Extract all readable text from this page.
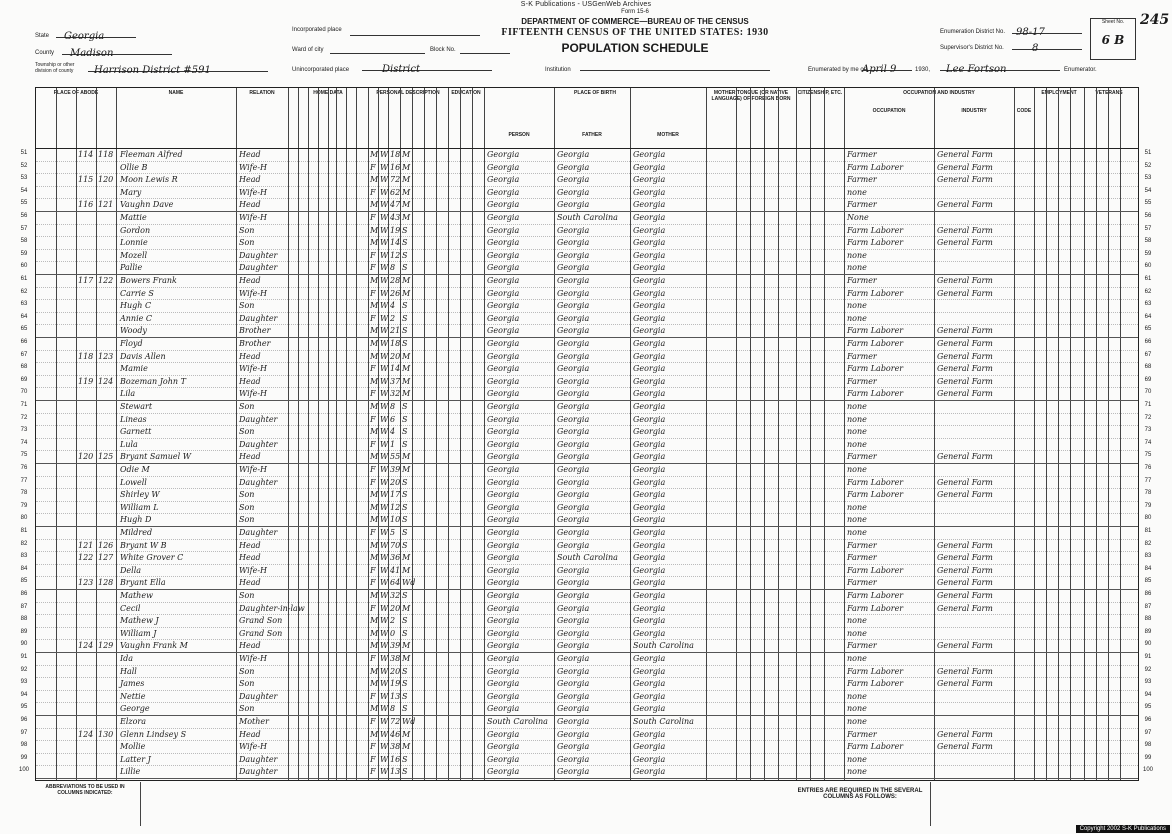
S-K Publications - USGenWeb Archives
Form 15-6
DEPARTMENT OF COMMERCE—BUREAU OF THE CENSUS
FIFTEENTH CENSUS OF THE UNITED STATES: 1930
POPULATION SCHEDULE
245
State	Georgia
County	Madison
Township or other division of county	Harrison District #591
Incorporated place
Ward of city	Block No.
Unincorporated place	District	Institution
Enumeration District No.	98-17
Supervisor's District No.	8
Sheet No.
6 B
Enumerated by me on
April 9	1930,	Lee Fortson	Enumerator.
PLACE OF ABODE	NAME	RELATION	HOME DATA	PERSONAL DESCRIPTION	EDUCATION	PLACE OF BIRTH	MOTHER TONGUE (OR NATIVE LANGUAGE) OF FOREIGN BORN
CITIZENSHIP, ETC.	OCCUPATION AND INDUSTRY	EMPLOYMENT	VETERANS
PERSON	FATHER	MOTHER
OCCUPATION	INDUSTRY	CODE
51	51
114 118 Fleeman Alfred	Head	M W 18 M	Georgia	Georgia	Georgia	Farmer	General Farm
52	52
Ollie B	Wife-H	F W 16 M	Georgia	Georgia	Georgia	Farm Laborer	General Farm
53	53
115 120 Moon Lewis R	Head	M W 72 M	Georgia	Georgia	Georgia	Farmer	General Farm
54	54
Mary	Wife-H	F W 62 M	Georgia	Georgia	Georgia	none
55	55
116 121 Vaughn Dave	Head	M W 47 M	Georgia	Georgia	Georgia	Farmer	General Farm
56	56
Mattie	Wife-H	F W 43 M	Georgia	South Carolina	Georgia	None
57	57
Gordon	Son	M W 19 S	Georgia	Georgia	Georgia	Farm Laborer	General Farm
58	58
Lonnie	Son	M W 14 S	Georgia	Georgia	Georgia	Farm Laborer	General Farm
59	59
Mozell	Daughter	F W 12 S	Georgia	Georgia	Georgia	none
60	60
Pallie	Daughter	F W 8 S	Georgia	Georgia	Georgia	none
61	61
117 122 Bowers Frank	Head	M W 28 M	Georgia	Georgia	Georgia	Farmer	General Farm
62	62
Carrie S	Wife-H	F W 26 M	Georgia	Georgia	Georgia	Farm Laborer	General Farm
63	63
Hugh C	Son	M W 4 S	Georgia	Georgia	Georgia	none
64	64
Annie C	Daughter	F W 2 S	Georgia	Georgia	Georgia	none
65	65
Woody	Brother	M W 21 S	Georgia	Georgia	Georgia	Farm Laborer	General Farm
66	66
Floyd	Brother	M W 18 S	Georgia	Georgia	Georgia	Farm Laborer	General Farm
67	67
118 123 Davis Allen	Head	M W 20 M	Georgia	Georgia	Georgia	Farmer	General Farm
68	68
Mamie	Wife-H	F W 14 M	Georgia	Georgia	Georgia	Farm Laborer	General Farm
69	69
119 124 Bozeman John T	Head	M W 37 M	Georgia	Georgia	Georgia	Farmer	General Farm
70	70
Lila	Wife-H	F W 32 M	Georgia	Georgia	Georgia	Farm Laborer	General Farm
71	71
Stewart	Son	M W 8 S	Georgia	Georgia	Georgia	none
72	72
Lineas	Daughter	F W 6 S	Georgia	Georgia	Georgia	none
73	73
Garnett	Son	M W 4 S	Georgia	Georgia	Georgia	none
74	74
Lula	Daughter	F W 1 S	Georgia	Georgia	Georgia	none
75	75
120 125 Bryant Samuel W	Head	M W 55 M	Georgia	Georgia	Georgia	Farmer	General Farm
76	76
Odie M	Wife-H	F W 39 M	Georgia	Georgia	Georgia	none
77	77
Lowell	Daughter	F W 20 S	Georgia	Georgia	Georgia	Farm Laborer	General Farm
78	78
Shirley W	Son	M W 17 S	Georgia	Georgia	Georgia	Farm Laborer	General Farm
79	79
William L	Son	M W 12 S	Georgia	Georgia	Georgia	none
80	80
Hugh D	Son	M W 10 S	Georgia	Georgia	Georgia	none
81	81
Mildred	Daughter	F W 5 S	Georgia	Georgia	Georgia	none
82	82
121 126 Bryant W B	Head	M W 70 S	Georgia	Georgia	Georgia	Farmer	General Farm
83	83
122 127 White Grover C	Head	M W 36 M	Georgia	South Carolina	Georgia	Farmer	General Farm
84	84
Della	Wife-H	F W 41 M	Georgia	Georgia	Georgia	Farm Laborer	General Farm
85	85
123 128 Bryant Ella	Head	F W 64 Wd	Georgia	Georgia	Georgia	Farmer	General Farm
86	86
Mathew	Son	M W 32 S	Georgia	Georgia	Georgia	Farm Laborer	General Farm
87	87
Cecil	Daughter-in-law	F W 20 M	Georgia	Georgia	Georgia	Farm Laborer	General Farm
88	88
Mathew J	Grand Son	M W 2 S	Georgia	Georgia	Georgia	none
89	89
William J	Grand Son	M W 0 S	Georgia	Georgia	Georgia	none
90	90
124 129 Vaughn Frank M	Head	M W 39 M	Georgia	Georgia	South Carolina	Farmer	General Farm
91	91
Ida	Wife-H	F W 38 M	Georgia	Georgia	Georgia	none
92	92
Hall	Son	M W 20 S	Georgia	Georgia	Georgia	Farm Laborer	General Farm
93	93
James	Son	M W 19 S	Georgia	Georgia	Georgia	Farm Laborer	General Farm
94	94
Nettie	Daughter	F W 13 S	Georgia	Georgia	Georgia	none
95	95
George	Son	M W 8 S	Georgia	Georgia	Georgia	none
96	96
Elzora	Mother	F W 72 Wd	South Carolina	Georgia	South Carolina	none
97	97
124 130 Glenn Lindsey S	Head	M W 46 M	Georgia	Georgia	Georgia	Farmer	General Farm
98	98
Mollie	Wife-H	F W 38 M	Georgia	Georgia	Georgia	Farm Laborer	General Farm
99	99
Latter J	Daughter	F W 16 S	Georgia	Georgia	Georgia	none
100	100
Lillie	Daughter	F W 13 S	Georgia	Georgia	Georgia	none
ABBREVIATIONS TO BE USED IN COLUMNS INDICATED:	ENTRIES ARE REQUIRED IN THE SEVERAL COLUMNS AS FOLLOWS:
Copyright 2002 S-K Publications
